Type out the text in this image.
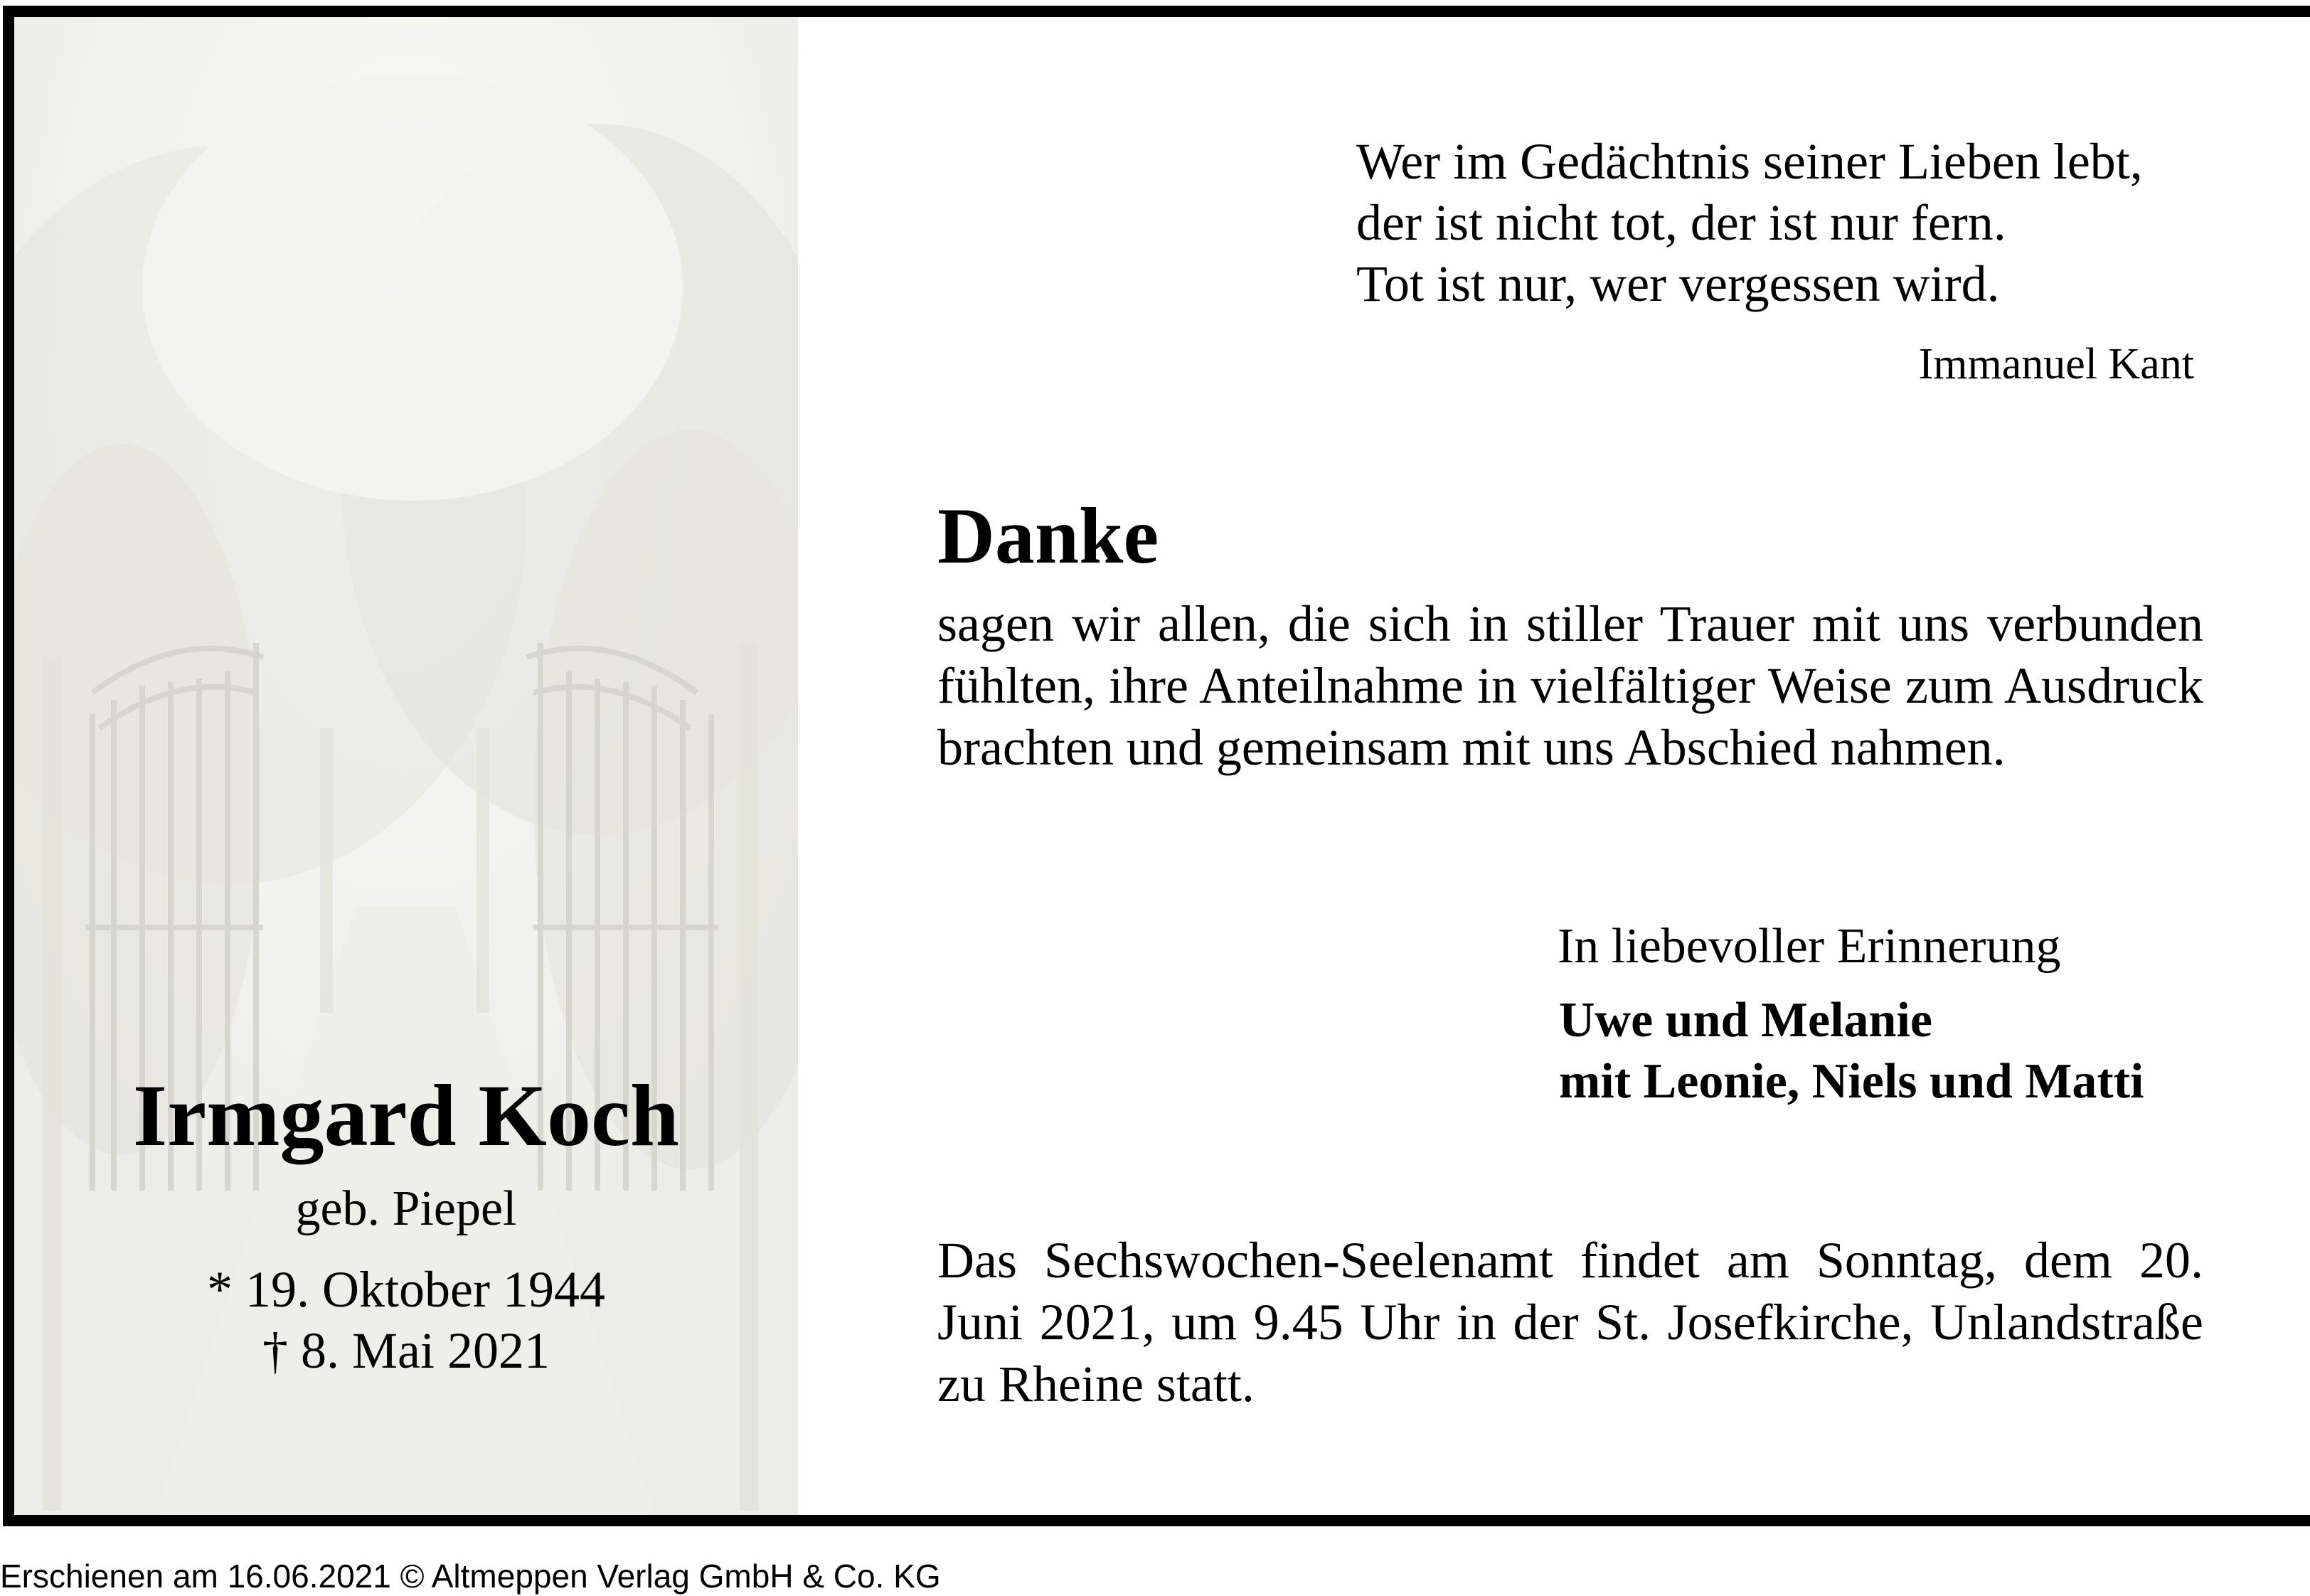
Irmgard Koch
geb. Piepel
* 19. Oktober 1944
† 8. Mai 2021
Wer im Gedächtnis seiner Lieben lebt,
der ist nicht tot, der ist nur fern.
Tot ist nur, wer vergessen wird.
Immanuel Kant
Danke
sagen wir allen, die sich in stiller Trauer mit uns verbunden fühlten, ihre Anteilnahme in vielfältiger Weise zum Ausdruck brachten und gemeinsam mit uns Abschied nahmen.
In liebevoller Erinnerung
Uwe und Melanie
mit Leonie, Niels und Matti
Das Sechswochen-Seelenamt findet am Sonntag, dem 20. Juni 2021, um 9.45 Uhr in der St. Josefkirche, Unlandstraße zu Rheine statt.
Erschienen am 16.06.2021 © Altmeppen Verlag GmbH & Co. KG
